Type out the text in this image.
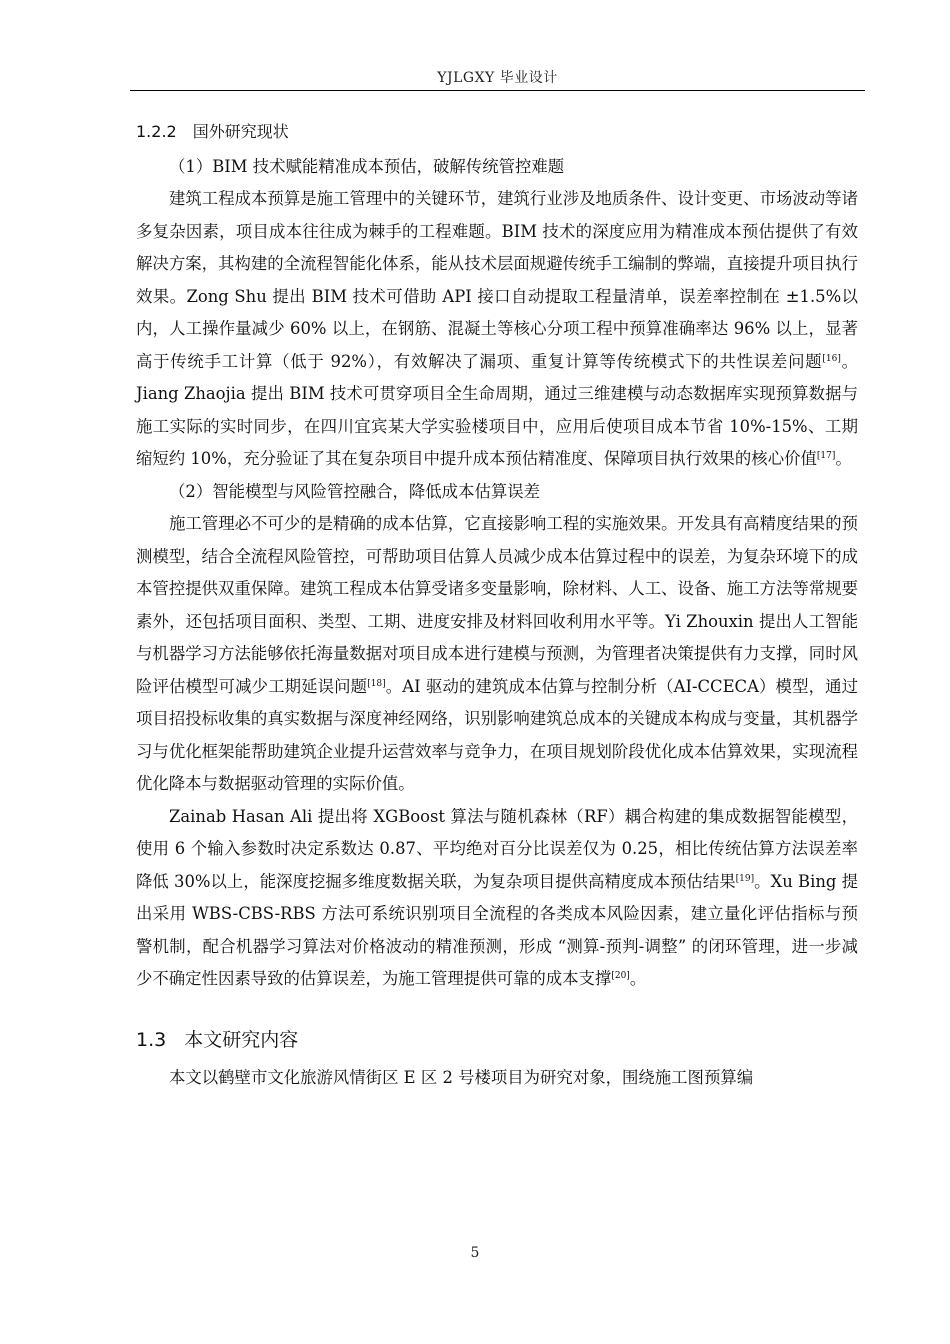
YJLGXY 毕业设计
1.2.2 国外研究现状

（1）BIM 技术赋能精准成本预估，破解传统管控难题

建筑工程成本预算是施工管理中的关键环节，建筑行业涉及地质条件、设计变更、市场波动等诸多复杂因素，项目成本往往成为棘手的工程难题。BIM 技术的深度应用为精准成本预估提供了有效解决方案，其构建的全流程智能化体系，能从技术层面规避传统手工编制的弊端，直接提升项目执行效果。Zong Shu 提出 BIM 技术可借助 API 接口自动提取工程量清单，误差率控制在 ±1.5%以内，人工操作量减少 60% 以上，在钢筋、混凝土等核心分项工程中预算准确率达 96% 以上，显著高于传统手工计算（低于 92%），有效解决了漏项、重复计算等传统模式下的共性误差问题[16]。Jiang Zhaojia 提出 BIM 技术可贯穿项目全生命周期，通过三维建模与动态数据库实现预算数据与施工实际的实时同步，在四川宜宾某大学实验楼项目中，应用后使项目成本节省 10%-15%、工期缩短约 10%，充分验证了其在复杂项目中提升成本预估精准度、保障项目执行效果的核心价值[17]。

（2）智能模型与风险管控融合，降低成本估算误差

施工管理必不可少的是精确的成本估算，它直接影响工程的实施效果。开发具有高精度结果的预测模型，结合全流程风险管控，可帮助项目估算人员减少成本估算过程中的误差，为复杂环境下的成本管控提供双重保障。建筑工程成本估算受诸多变量影响，除材料、人工、设备、施工方法等常规要素外，还包括项目面积、类型、工期、进度安排及材料回收利用水平等。Yi Zhouxin 提出人工智能与机器学习方法能够依托海量数据对项目成本进行建模与预测，为管理者决策提供有力支撑，同时风险评估模型可减少工期延误问题[18]。AI 驱动的建筑成本估算与控制分析（AI-CCECA）模型，通过项目招投标收集的真实数据与深度神经网络，识别影响建筑总成本的关键成本构成与变量，其机器学习与优化框架能帮助建筑企业提升运营效率与竞争力，在项目规划阶段优化成本估算效果，实现流程优化降本与数据驱动管理的实际价值。

Zainab Hasan Ali 提出将 XGBoost 算法与随机森林（RF）耦合构建的集成数据智能模型，使用 6 个输入参数时决定系数达 0.87、平均绝对百分比误差仅为 0.25，相比传统估算方法误差率降低 30%以上，能深度挖掘多维度数据关联，为复杂项目提供高精度成本预估结果[19]。Xu Bing 提出采用 WBS-CBS-RBS 方法可系统识别项目全流程的各类成本风险因素，建立量化评估指标与预警机制，配合机器学习算法对价格波动的精准预测，形成 “测算-预判-调整” 的闭环管理，进一步减少不确定性因素导致的估算误差，为施工管理提供可靠的成本支撑[20]。

1.3 本文研究内容

本文以鹤壁市文化旅游风情街区 E 区 2 号楼项目为研究对象，围绕施工图预算编

5
